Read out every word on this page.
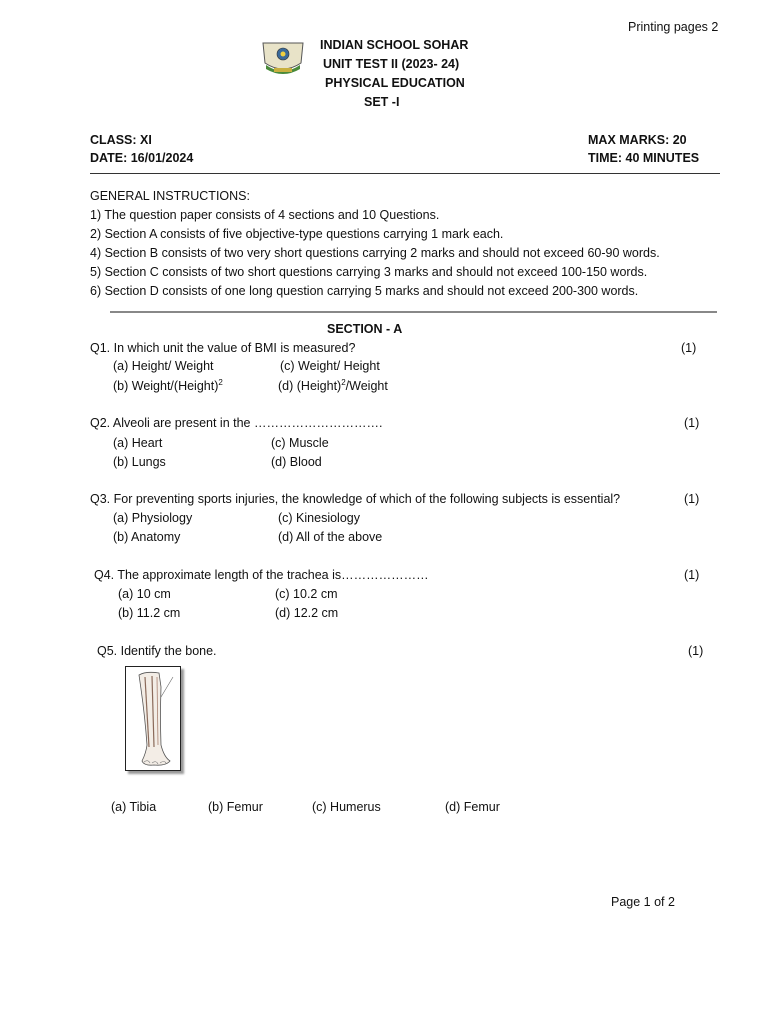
Printing pages 2
INDIAN SCHOOL SOHAR
UNIT TEST II (2023- 24)
PHYSICAL EDUCATION
SET -I
CLASS: XI
DATE: 16/01/2024
MAX MARKS: 20
TIME: 40 MINUTES
GENERAL INSTRUCTIONS:
1) The question paper consists of 4 sections and 10 Questions.
2) Section A consists of five objective-type questions carrying 1 mark each.
4) Section B consists of two very short questions carrying 2 marks and should not exceed 60-90 words.
5) Section C consists of two short questions carrying 3 marks and should not exceed 100-150 words.
6) Section D consists of one long question carrying 5 marks and should not exceed 200-300 words.
SECTION - A
Q1. In which unit the value of BMI is measured?	(1)
(a) Height/ Weight	(c) Weight/ Height
(b) Weight/(Height)$^2$	(d) (Height)$^2$/Weight
Q2. Alveoli are present in the ………………………….	(1)
(a) Heart	(c) Muscle
(b) Lungs	(d) Blood
Q3. For preventing sports injuries, the knowledge of which of the following subjects is essential?	(1)
(a) Physiology	(c) Kinesiology
(b) Anatomy	(d) All of the above
Q4. The approximate length of the trachea is…………………	(1)
(a) 10 cm	(c) 10.2 cm
(b) 11.2 cm	(d) 12.2 cm
Q5. Identify the bone.	(1)
(a) Tibia	(b) Femur	(c) Humerus	(d) Femur
Page 1 of 2
